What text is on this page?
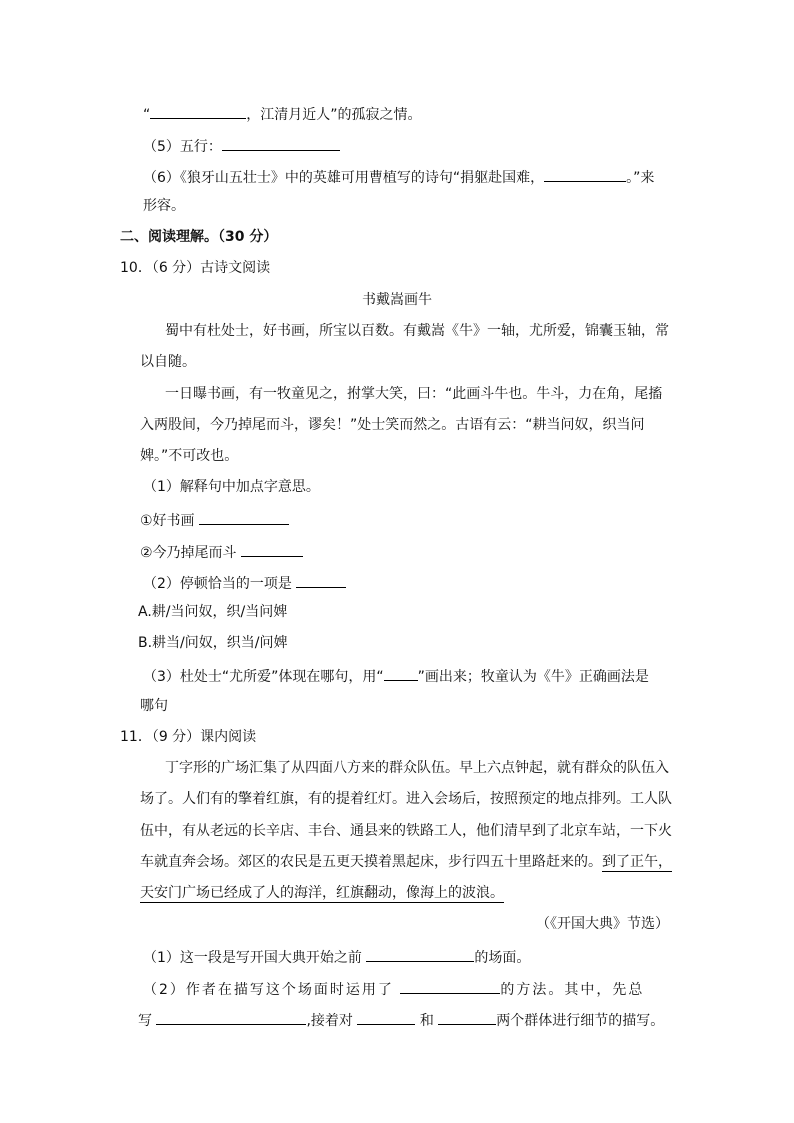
“	，江清月近人”的孤寂之情。
（5）五行：
（6）《狼牙山五壮士》中的英雄可用曹植写的诗句“捐躯赴国难，	。”来
形容。
二、阅读理解。（30 分）
10．（6 分）古诗文阅读
书戴嵩画牛
蜀中有杜处士，好书画，所宝以百数。有戴嵩《牛》一轴，尤所爱，锦囊玉轴，常
以自随。
一日曝书画，有一牧童见之，拊掌大笑，曰：“此画斗牛也。牛斗，力在角，尾搐
入两股间，今乃掉尾而斗，谬矣！”处士笑而然之。古语有云：“耕当问奴，织当问
婢。”不可改也。
（1）解释句中加点字意思。
①好书画
②今乃掉尾而斗
（2）停顿恰当的一项是
A.耕/当问奴，织/当问婢
B.耕当/问奴，织当/问婢
（3）杜处士“尤所爱”体现在哪句，用“ ”画出来；牧童认为《牛》正确画法是
哪句
11．（9 分）课内阅读
丁字形的广场汇集了从四面八方来的群众队伍。早上六点钟起，就有群众的队伍入
场了。人们有的擎着红旗，有的提着红灯。进入会场后，按照预定的地点排列。工人队
伍中，有从老远的长辛店、丰台、通县来的铁路工人，他们清早到了北京车站，一下火
车就直奔会场。郊区的农民是五更天摸着黑起床，步行四五十里路赶来的。到了正午，
天安门广场已经成了人的海洋，红旗翻动，像海上的波浪。
（《开国大典》节选）
（1）这一段是写开国大典开始之前	的场面。
（2）作者在描写这个场面时运用了	的方法。其中，先总
写	,接着对	和	两个群体进行细节的描写。
